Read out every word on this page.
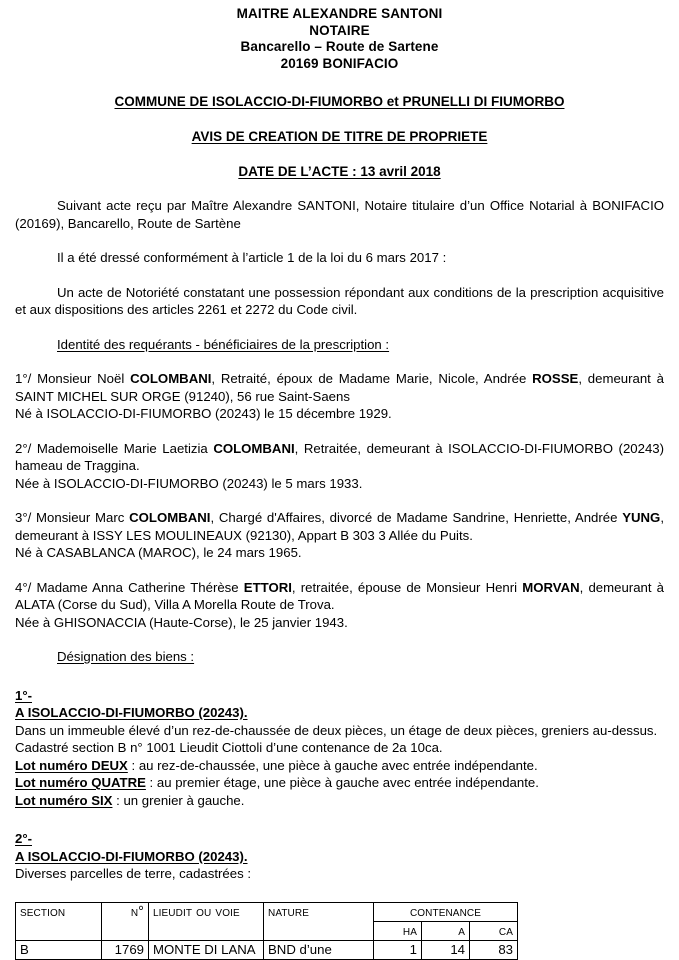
MAITRE ALEXANDRE SANTONI
NOTAIRE
Bancarello – Route de Sartene
20169 BONIFACIO
COMMUNE DE ISOLACCIO-DI-FIUMORBO et PRUNELLI DI FIUMORBO
AVIS DE CREATION DE TITRE DE PROPRIETE
DATE DE L’ACTE : 13 avril 2018
Suivant acte reçu par Maître Alexandre SANTONI, Notaire titulaire d’un Office Notarial à BONIFACIO (20169), Bancarello, Route de Sartène
Il a été dressé conformément à l’article 1 de la loi du 6 mars 2017 :
Un acte de Notoriété constatant une possession répondant aux conditions de la prescription acquisitive et aux dispositions des articles 2261 et 2272 du Code civil.
Identité des requérants - bénéficiaires de la prescription :
1°/ Monsieur Noël COLOMBANI, Retraité, époux de Madame Marie, Nicole, Andrée ROSSE, demeurant à SAINT MICHEL SUR ORGE (91240), 56 rue Saint-Saens
Né à ISOLACCIO-DI-FIUMORBO (20243) le 15 décembre 1929.
2°/ Mademoiselle Marie Laetizia COLOMBANI, Retraitée, demeurant à ISOLACCIO-DI-FIUMORBO (20243) hameau de Traggina.
Née à ISOLACCIO-DI-FIUMORBO (20243) le 5 mars 1933.
3°/ Monsieur Marc COLOMBANI, Chargé d'Affaires, divorcé de Madame Sandrine, Henriette, Andrée YUNG, demeurant à ISSY LES MOULINEAUX (92130), Appart B 303 3 Allée du Puits.
Né à CASABLANCA (MAROC), le 24 mars 1965.
4°/ Madame Anna Catherine Thérèse ETTORI, retraitée, épouse de Monsieur Henri MORVAN, demeurant à ALATA (Corse du Sud), Villa A Morella Route de Trova.
Née à GHISONACCIA (Haute-Corse), le 25 janvier 1943.
Désignation des biens :
1°-
A ISOLACCIO-DI-FIUMORBO (20243).
Dans un immeuble élevé d’un rez-de-chaussée de deux pièces, un étage de deux pièces, greniers au-dessus.
Cadastré section B n° 1001 Lieudit Ciottoli d’une contenance de 2a 10ca.
Lot numéro DEUX : au rez-de-chaussée, une pièce à gauche avec entrée indépendante.
Lot numéro QUATRE : au premier étage, une pièce à gauche avec entrée indépendante.
Lot numéro SIX : un grenier à gauche.
2°-
A ISOLACCIO-DI-FIUMORBO (20243).
Diverses parcelles de terre, cadastrées :
section	n°	lieudit ou voie	nature	contenance		
				ha	a	ca
B	1769	MONTE DI LANA	BND d’une	1	14	83
